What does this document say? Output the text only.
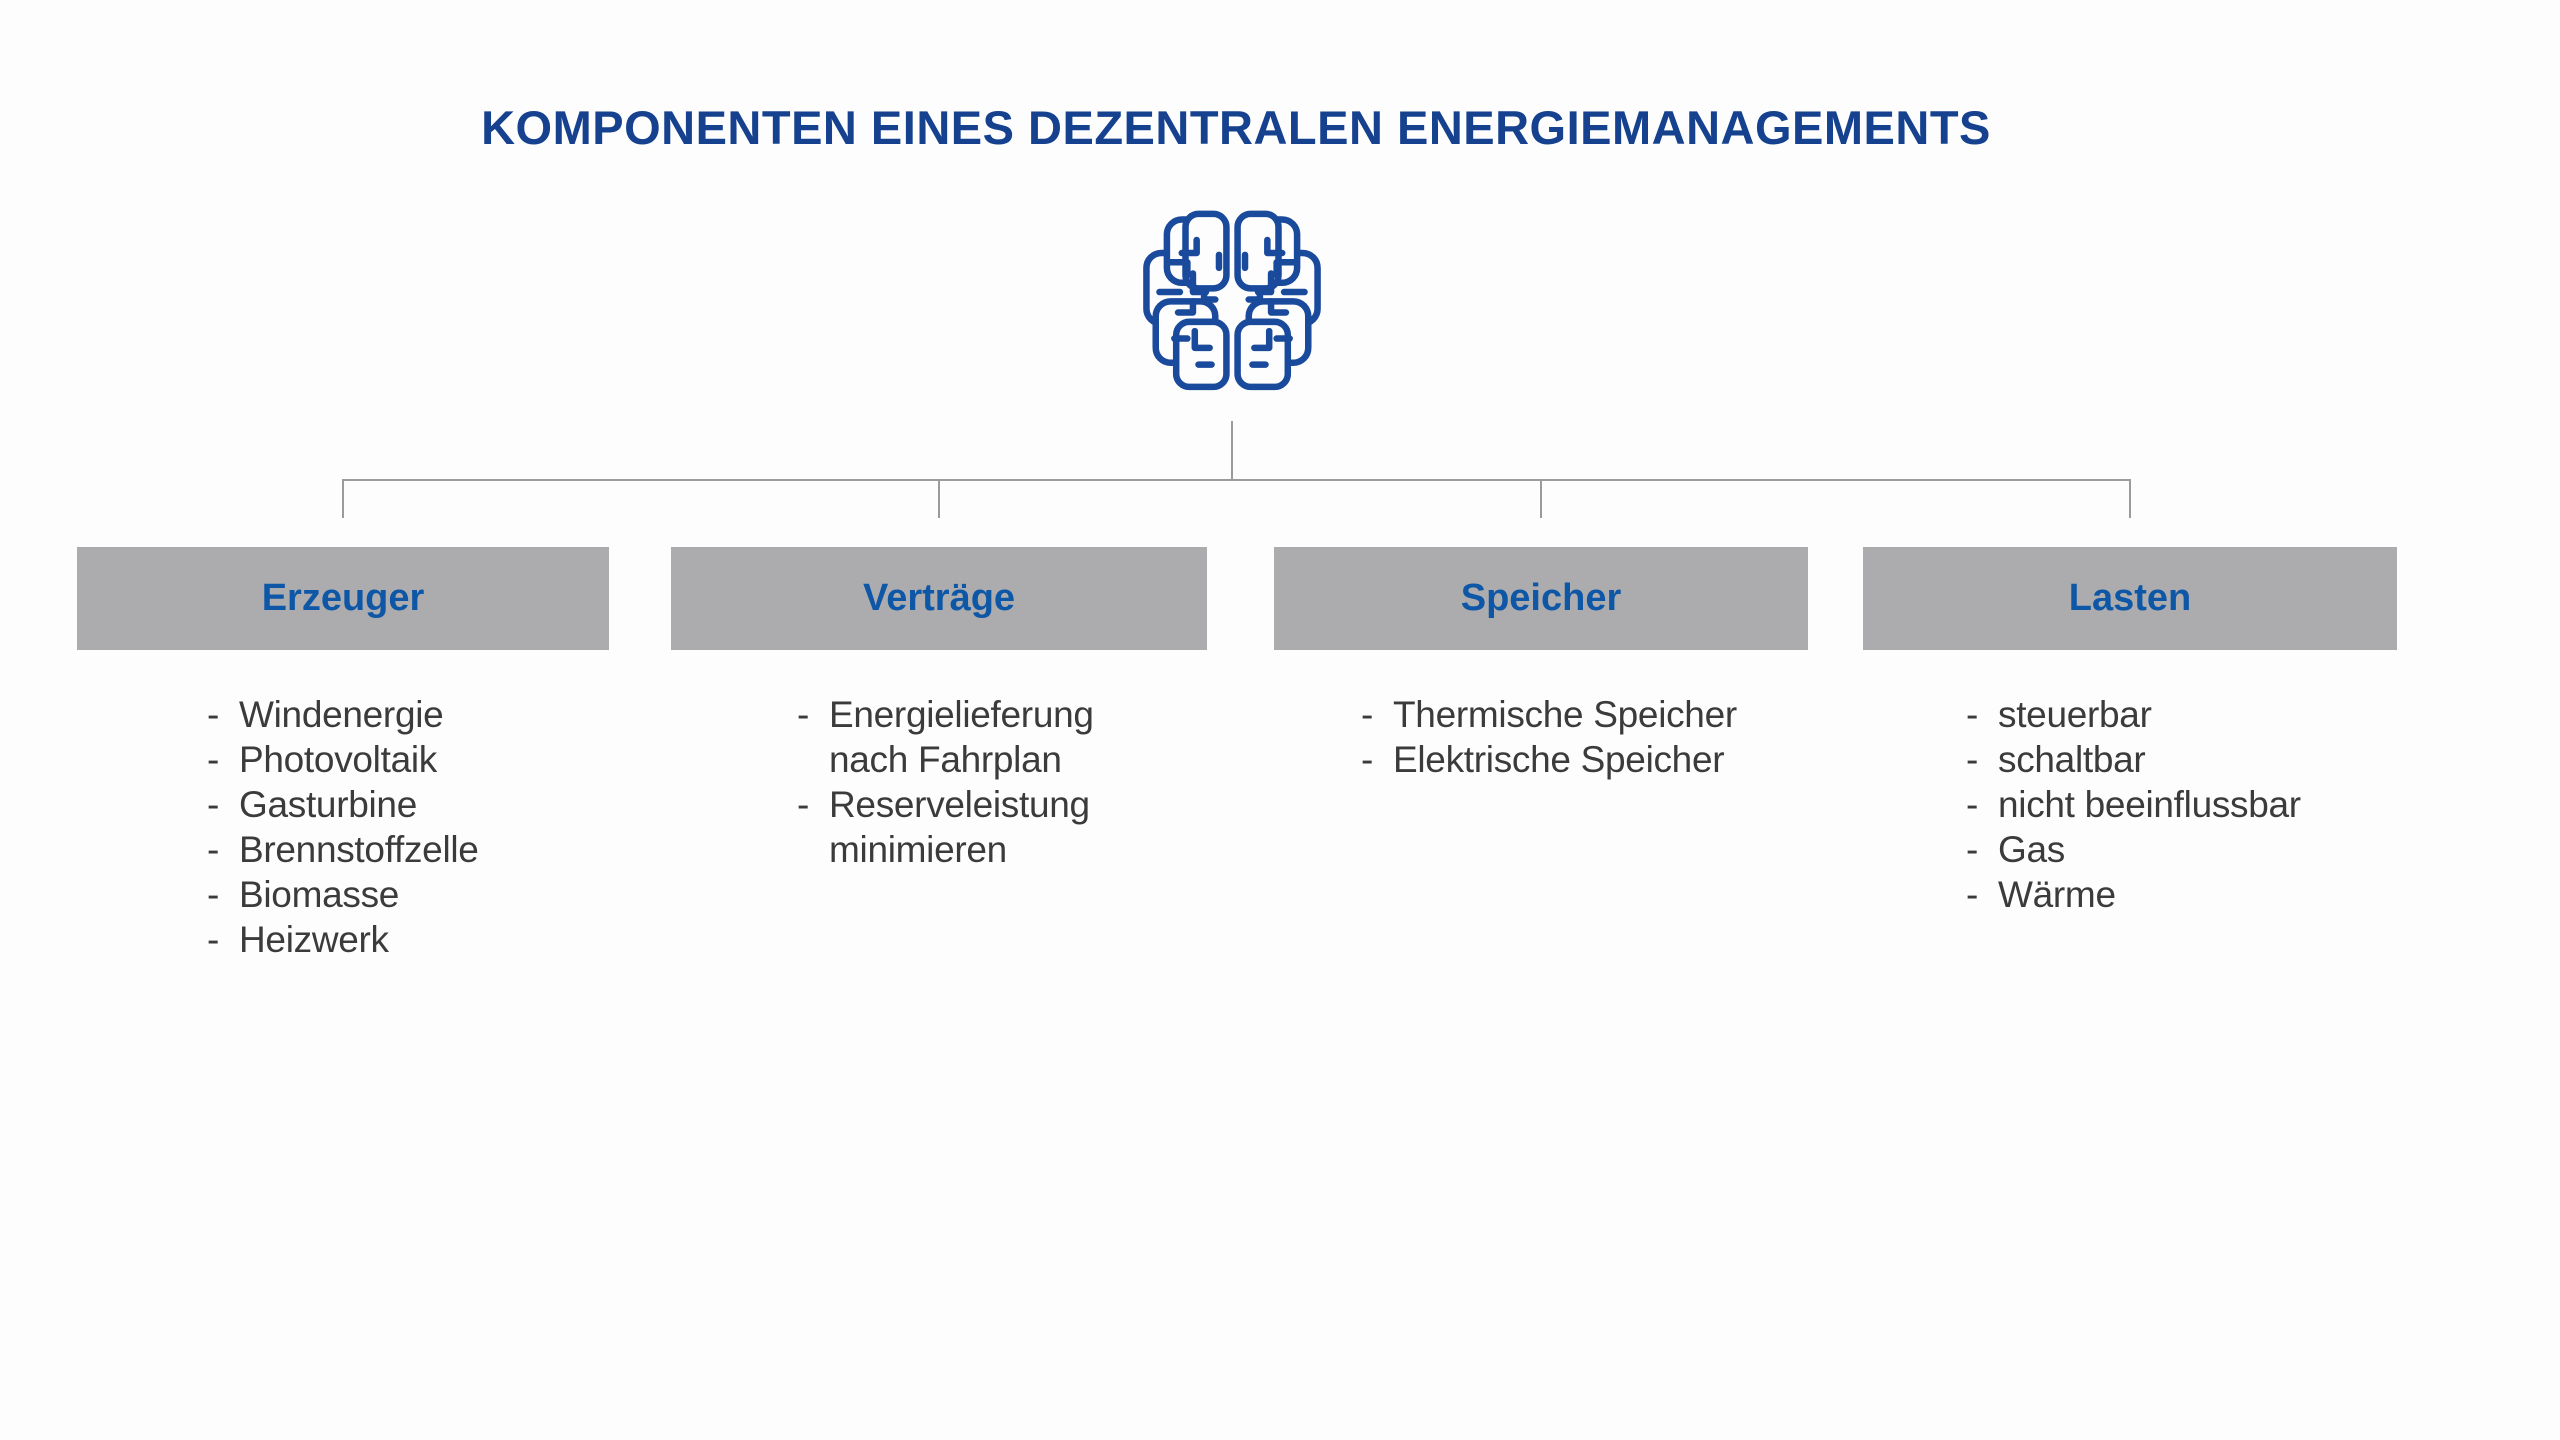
KOMPONENTEN EINES DEZENTRALEN ENERGIEMANAGEMENTS
Erzeuger
- Windenergie
- Photovoltaik
- Gasturbine
- Brennstoffzelle
- Biomasse
- Heizwerk
Verträge
- Energielieferung nach Fahrplan
- Reserveleistung minimieren
Speicher
- Thermische Speicher
- Elektrische Speicher
Lasten
- steuerbar
- schaltbar
- nicht beeinflussbar
- Gas
- Wärme
